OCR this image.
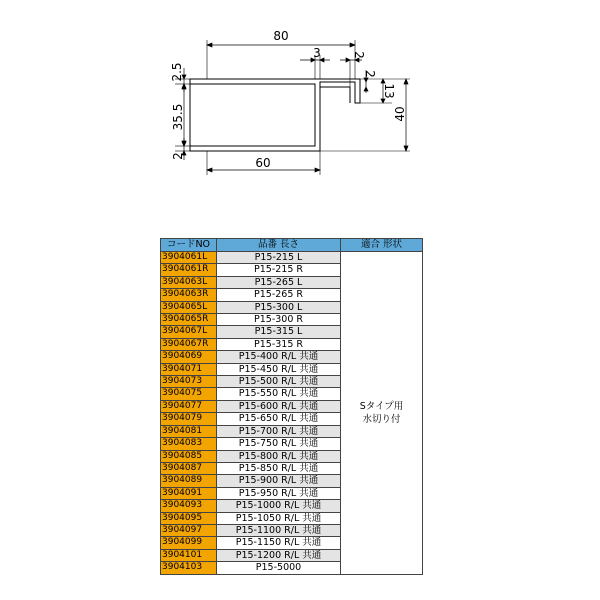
80
3	2
2
13
40
2.5
35.5
2	60
コードNO	品番 長さ	適合 形状
3904061L	P15-215 L	Sタイプ用
水切り付

3904061R	P15-215 R	
3904063L	P15-265 L	
3904063R	P15-265 R	
3904065L	P15-300 L	
3904065R	P15-300 R	
3904067L	P15-315 L	
3904067R	P15-315 R	
3904069	P15-400 R/L 共通	
3904071	P15-450 R/L 共通	
3904073	P15-500 R/L 共通	
3904075	P15-550 R/L 共通	
3904077	P15-600 R/L 共通	
3904079	P15-650 R/L 共通	
3904081	P15-700 R/L 共通	
3904083	P15-750 R/L 共通	
3904085	P15-800 R/L 共通	
3904087	P15-850 R/L 共通	
3904089	P15-900 R/L 共通	
3904091	P15-950 R/L 共通	
3904093	P15-1000 R/L 共通	
3904095	P15-1050 R/L 共通	
3904097	P15-1100 R/L 共通	
3904099	P15-1150 R/L 共通	
3904101	P15-1200 R/L 共通	
3904103	P15-5000	
